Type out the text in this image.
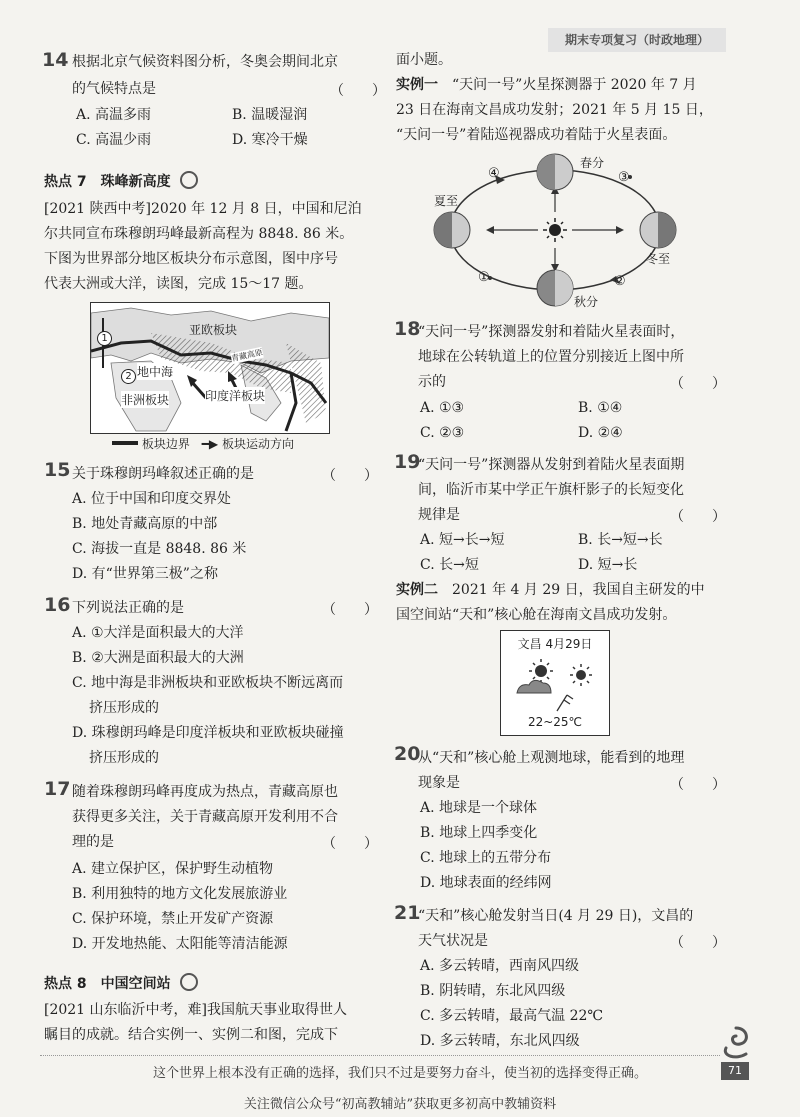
期末专项复习（时政地理）
14 根据北京气候资料图分析，冬奥会期间北京
的气候特点是	（　　）
A. 高温多雨	B. 温暖湿润
C. 高温少雨	D. 寒冷干燥
热点 7　珠峰新高度
[2021 陕西中考]2020 年 12 月 8 日，中国和尼泊
尔共同宣布珠穆朗玛峰最新高程为 8848. 86 米。
下图为世界部分地区板块分布示意图，图中序号
代表大洲或大洋，读图，完成 15～17 题。
亚欧板块
地中海
非洲板块	印度洋板块
1
2
青藏高原
板块边界 ━▶ 板块运动方向
15 关于珠穆朗玛峰叙述正确的是	（　　）
A. 位于中国和印度交界处
B. 地处青藏高原的中部
C. 海拔一直是 8848. 86 米
D. 有“世界第三极”之称
16 下列说法正确的是	（　　）
A. ①大洋是面积最大的大洋
B. ②大洲是面积最大的大洲
C. 地中海是非洲板块和亚欧板块不断远离而
挤压形成的
D. 珠穆朗玛峰是印度洋板块和亚欧板块碰撞
挤压形成的
17 随着珠穆朗玛峰再度成为热点，青藏高原也
获得更多关注，关于青藏高原开发利用不合
理的是	（　　）
A. 建立保护区，保护野生动植物
B. 利用独特的地方文化发展旅游业
C. 保护环境，禁止开发矿产资源
D. 开发地热能、太阳能等清洁能源
热点 8　中国空间站
[2021 山东临沂中考，难]我国航天事业取得世人
瞩目的成就。结合实例一、实例二和图，完成下
面小题。
实例一　 “天问一号”火星探测器于 2020 年 7 月
23 日在海南文昌成功发射；2021 年 5 月 15 日，
“天问一号”着陆巡视器成功着陆于火星表面。
春分
夏至
冬至
秋分
①	②
③
④
18
“天问一号”探测器发射和着陆火星表面时，
地球在公转轨道上的位置分别接近上图中所
示的	（　　）
A. ①③	B. ①④
C. ②③	D. ②④
19
“天问一号”探测器从发射到着陆火星表面期
间，临沂市某中学正午旗杆影子的长短变化
规律是	（　　）
A. 短→长→短	B. 长→短→长
C. 长→短	D. 短→长
实例二　 2021 年 4 月 29 日，我国自主研发的中
国空间站“天和”核心舱在海南文昌成功发射。
文昌 4月29日
22~25℃
20
从“天和”核心舱上观测地球，能看到的地理
现象是	（　　）
A. 地球是一个球体
B. 地球上四季变化
C. 地球上的五带分布
D. 地球表面的经纬网
21
“天和”核心舱发射当日(4 月 29 日)，文昌的
天气状况是	（　　）
A. 多云转晴，西南风四级
B. 阴转晴，东北风四级
C. 多云转晴，最高气温 22℃
D. 多云转晴，东北风四级
这个世界上根本没有正确的选择，我们只不过是要努力奋斗，使当初的选择变得正确。	71
关注微信公众号“初高教辅站”获取更多初高中教辅资料
